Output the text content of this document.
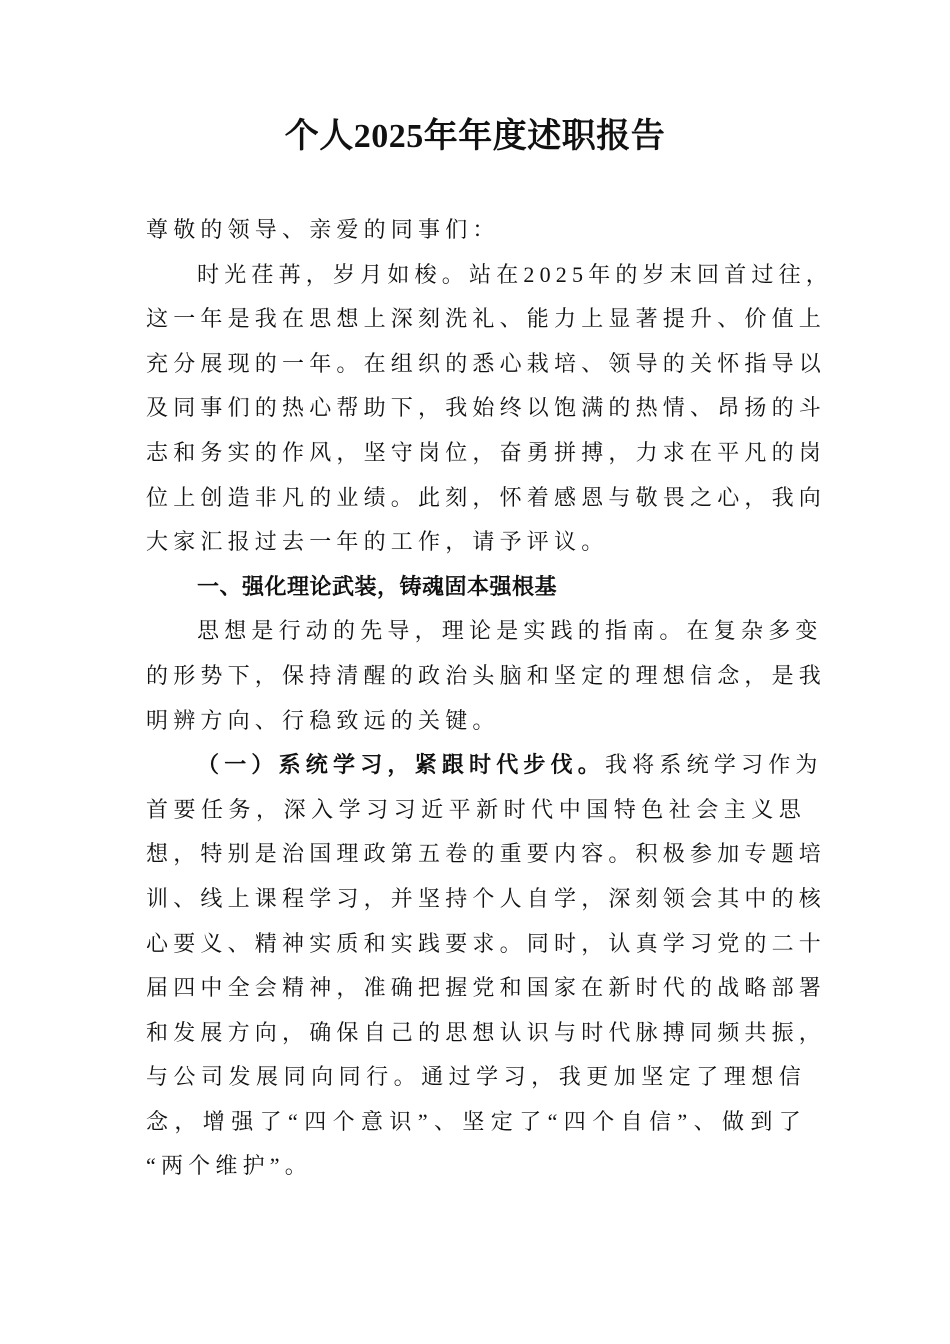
个人2025年年度述职报告
尊敬的领导、亲爱的同事们：
时光荏苒，岁月如梭。站在2025年的岁末回首过往，
这一年是我在思想上深刻洗礼、能力上显著提升、价值上
充分展现的一年。在组织的悉心栽培、领导的关怀指导以
及同事们的热心帮助下，我始终以饱满的热情、昂扬的斗
志和务实的作风，坚守岗位，奋勇拼搏，力求在平凡的岗
位上创造非凡的业绩。此刻，怀着感恩与敬畏之心，我向
大家汇报过去一年的工作，请予评议。
一、强化理论武装，铸魂固本强根基
思想是行动的先导，理论是实践的指南。在复杂多变
的形势下，保持清醒的政治头脑和坚定的理想信念，是我
明辨方向、行稳致远的关键。
（一）系统学习，紧跟时代步伐。我将系统学习作为
首要任务，深入学习习近平新时代中国特色社会主义思
想，特别是治国理政第五卷的重要内容。积极参加专题培
训、线上课程学习，并坚持个人自学，深刻领会其中的核
心要义、精神实质和实践要求。同时，认真学习党的二十
届四中全会精神，准确把握党和国家在新时代的战略部署
和发展方向，确保自己的思想认识与时代脉搏同频共振，
与公司发展同向同行。通过学习，我更加坚定了理想信
念，增强了“四个意识”、坚定了“四个自信”、做到了
“两个维护”。
